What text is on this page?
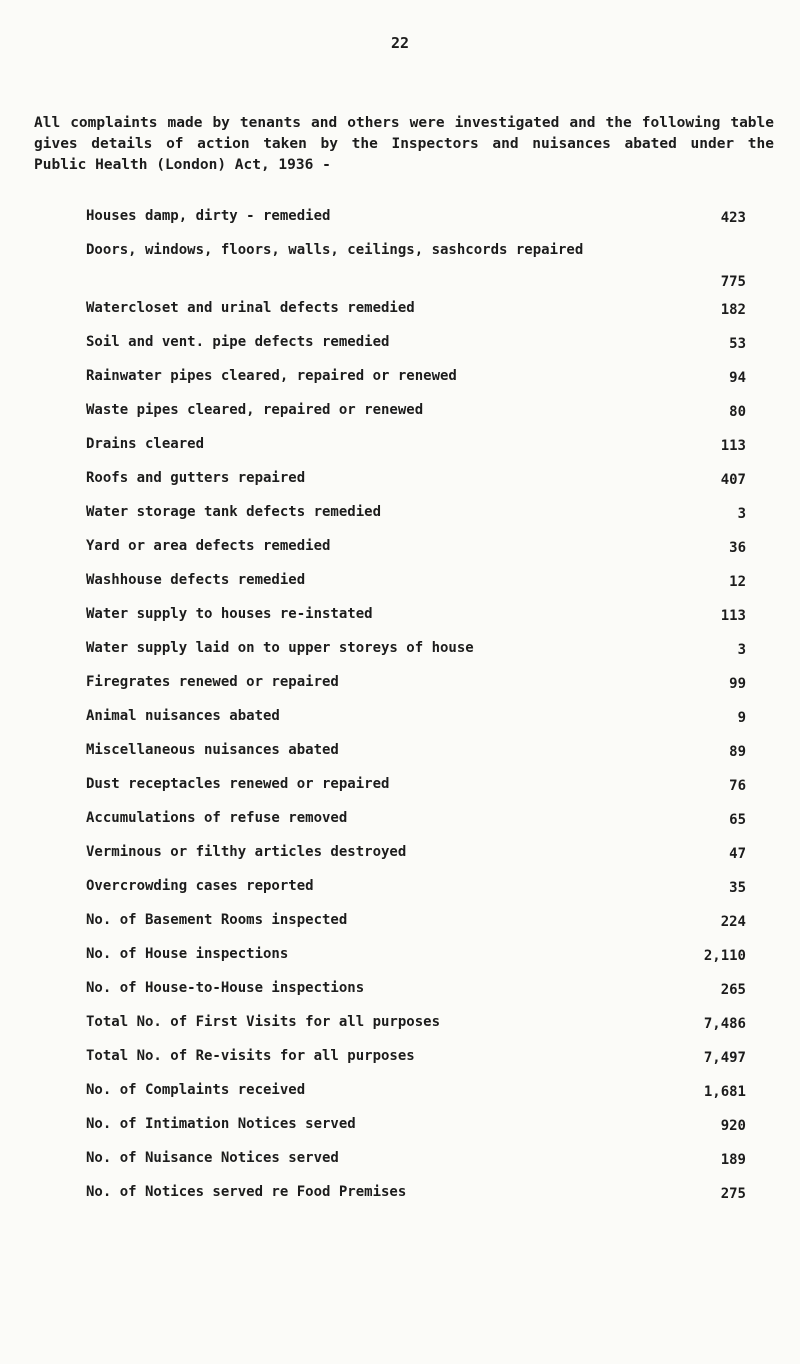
22

All complaints made by tenants and others were investigated and the following table gives details of action taken by the Inspectors and nuisances abated under the Public Health (London) Act, 1936 -

Houses damp, dirty - remedied	423
Doors, windows, floors, walls, ceilings, sashcords repaired
775
Watercloset and urinal defects remedied	182
Soil and vent. pipe defects remedied	53
Rainwater pipes cleared, repaired or renewed	94
Waste pipes cleared, repaired or renewed	80
Drains cleared	113
Roofs and gutters repaired	407
Water storage tank defects remedied	3
Yard or area defects remedied	36
Washhouse defects remedied	12
Water supply to houses re-instated	113
Water supply laid on to upper storeys of house	3
Firegrates renewed or repaired	99
Animal nuisances abated	9
Miscellaneous nuisances abated	89
Dust receptacles renewed or repaired	76
Accumulations of refuse removed	65
Verminous or filthy articles destroyed	47
Overcrowding cases reported	35
No. of Basement Rooms inspected	224
No. of House inspections	2,110
No. of House-to-House inspections	265
Total No. of First Visits for all purposes	7,486
Total No. of Re-visits for all purposes	7,497
No. of Complaints received	1,681
No. of Intimation Notices served	920
No. of Nuisance Notices served	189
No. of Notices served re Food Premises	275
